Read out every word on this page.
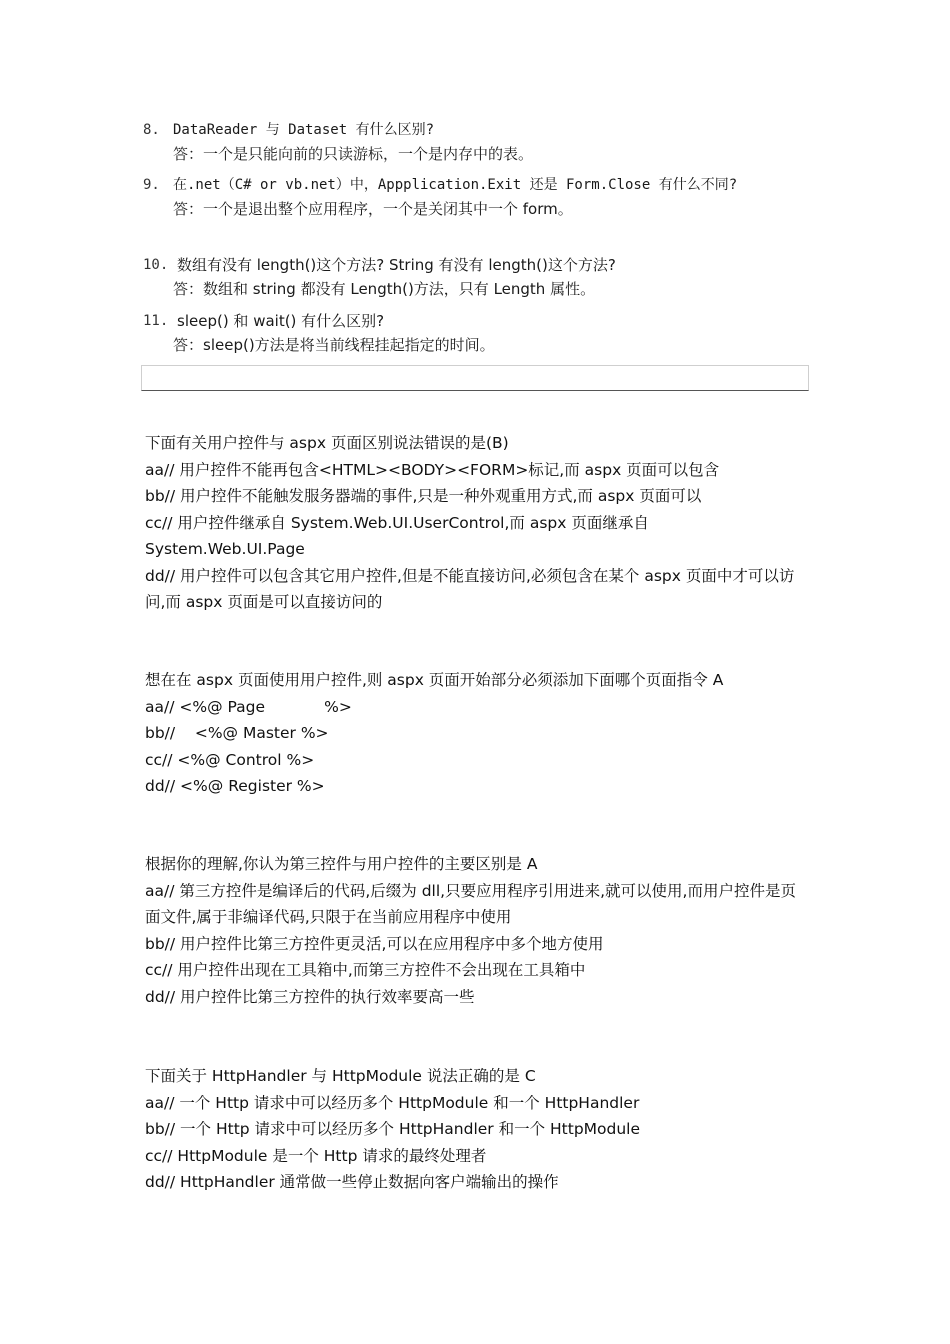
8. DataReader 与 Dataset 有什么区别?
答：一个是只能向前的只读游标，一个是内存中的表。
9. 在.net（C# or vb.net）中，Appplication.Exit 还是 Form.Close 有什么不同?
答：一个是退出整个应用程序，一个是关闭其中一个 form。
10. 数组有没有 length()这个方法? String 有没有 length()这个方法?
答：数组和 string 都没有 Length()方法，只有 Length 属性。
11. sleep() 和 wait() 有什么区别?
答：sleep()方法是将当前线程挂起指定的时间。
下面有关用户控件与 aspx 页面区别说法错误的是(B)
aa// 用户控件不能再包含<HTML><BODY><FORM>标记,而 aspx 页面可以包含
bb// 用户控件不能触发服务器端的事件,只是一种外观重用方式,而 aspx 页面可以
cc// 用户控件继承自 System.Web.UI.UserControl,而 aspx 页面继承自 System.Web.UI.Page
dd// 用户控件可以包含其它用户控件,但是不能直接访问,必须包含在某个 aspx 页面中才可以访问,而 aspx 页面是可以直接访问的
想在在 aspx 页面使用用户控件,则 aspx 页面开始部分必须添加下面哪个页面指令 A
aa// <%@ Page            %>
bb//    <%@ Master %>
cc// <%@ Control %>
dd// <%@ Register %>
根据你的理解,你认为第三控件与用户控件的主要区别是 A
aa// 第三方控件是编译后的代码,后缀为 dll,只要应用程序引用进来,就可以使用,而用户控件是页面文件,属于非编译代码,只限于在当前应用程序中使用
bb// 用户控件比第三方控件更灵活,可以在应用程序中多个地方使用
cc// 用户控件出现在工具箱中,而第三方控件不会出现在工具箱中
dd// 用户控件比第三方控件的执行效率要高一些
下面关于 HttpHandler 与 HttpModule 说法正确的是 C
aa// 一个 Http 请求中可以经历多个 HttpModule 和一个 HttpHandler
bb// 一个 Http 请求中可以经历多个 HttpHandler 和一个 HttpModule
cc// HttpModule 是一个 Http 请求的最终处理者
dd// HttpHandler 通常做一些停止数据向客户端输出的操作
